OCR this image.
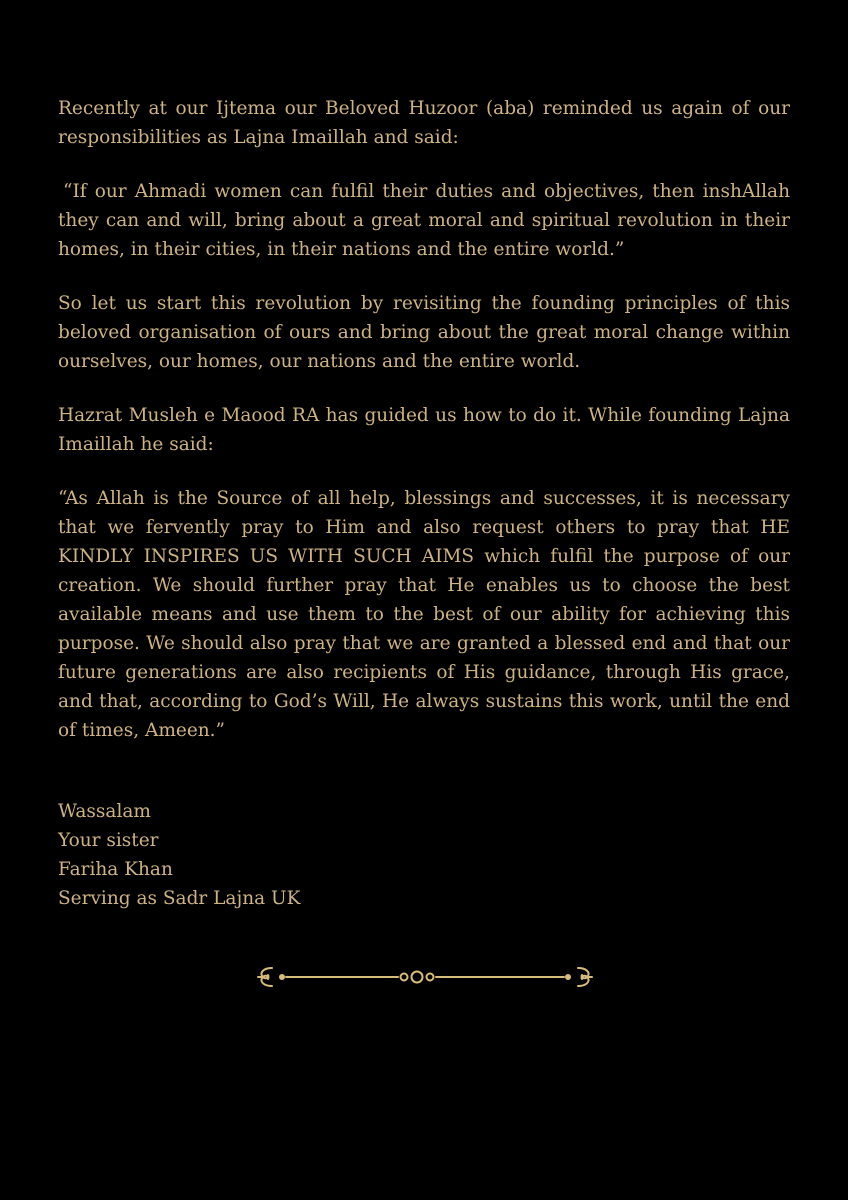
Recently at our Ijtema our Beloved Huzoor (aba) reminded us again of our responsibilities as Lajna Imaillah and said:

“If our Ahmadi women can fulfil their duties and objectives, then inshAllah they can and will, bring about a great moral and spiritual revolution in their homes, in their cities, in their nations and the entire world.”

So let us start this revolution by revisiting the founding principles of this beloved organisation of ours and bring about the great moral change within ourselves, our homes, our nations and the entire world.

Hazrat Musleh e Maood RA has guided us how to do it. While founding Lajna Imaillah he said:

“As Allah is the Source of all help, blessings and successes, it is necessary that we fervently pray to Him and also request others to pray that HE KINDLY INSPIRES US WITH SUCH AIMS which fulfil the purpose of our creation. We should further pray that He enables us to choose the best available means and use them to the best of our ability for achieving this purpose. We should also pray that we are granted a blessed end and that our future generations are also recipients of His guidance, through His grace, and that, according to God’s Will, He always sustains this work, until the end of times, Ameen.”

Wassalam
Your sister
Fariha Khan
Serving as Sadr Lajna UK
